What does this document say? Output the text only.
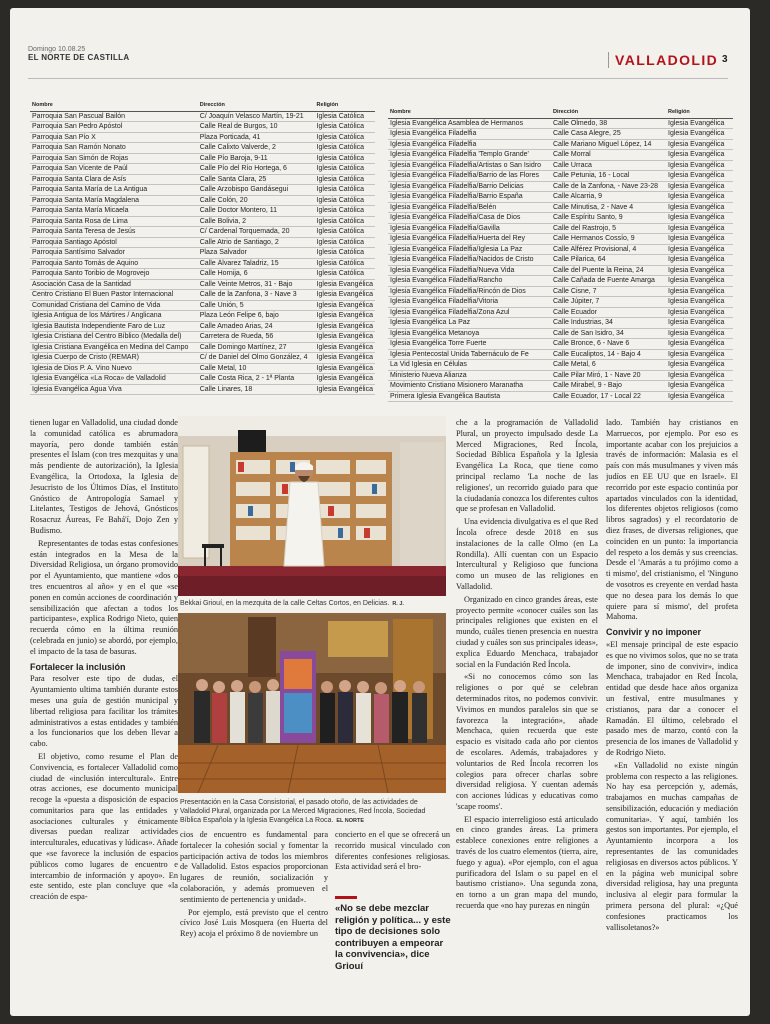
Domingo 10.08.25
EL NORTE DE CASTILLA	VALLADOLID 3
Nombre	Dirección	Religión
Parroquia San Pascual Bailón	C/ Joaquín Velasco Martín, 19-21	Iglesia Católica
Parroquia San Pedro Apóstol	Calle Real de Burgos, 10	Iglesia Católica
Parroquia San Pío X	Plaza Porticada, 41	Iglesia Católica
Parroquia San Ramón Nonato	Calle Calixto Valverde, 2	Iglesia Católica
Parroquia San Simón de Rojas	Calle Pío Baroja, 9-11	Iglesia Católica
Parroquia San Vicente de Paúl	Calle Pío del Río Hortega, 6	Iglesia Católica
Parroquia Santa Clara de Asís	Calle Santa Clara, 25	Iglesia Católica
Parroquia Santa María de La Antigua	Calle Arzobispo Gandásegui	Iglesia Católica
Parroquia Santa María Magdalena	Calle Colón, 20	Iglesia Católica
Parroquia Santa María Micaela	Calle Doctor Montero, 11	Iglesia Católica
Parroquia Santa Rosa de Lima	Calle Bolivia, 2	Iglesia Católica
Parroquia Santa Teresa de Jesús	C/ Cardenal Torquemada, 20	Iglesia Católica
Parroquia Santiago Apóstol	Calle Atrio de Santiago, 2	Iglesia Católica
Parroquia Santísimo Salvador	Plaza Salvador	Iglesia Católica
Parroquia Santo Tomás de Aquino	Calle Álvarez Taladriz, 15	Iglesia Católica
Parroquia Santo Toribio de Mogrovejo	Calle Hornija, 6	Iglesia Católica
Asociación Casa de la Santidad	Calle Veinte Metros, 31 - Bajo	Iglesia Evangélica
Centro Cristiano El Buen Pastor Internacional	Calle de la Zanfona, 3 - Nave 3	Iglesia Evangélica
Comunidad Cristiana del Camino de Vida	Calle Unión, 5	Iglesia Evangélica
Iglesia Antigua de los Mártires / Anglicana	Plaza León Felipe 6, bajo	Iglesia Evangélica
Iglesia Bautista Independiente Faro de Luz	Calle Amadeo Arias, 24	Iglesia Evangélica
Iglesia Cristiana del Centro Bíblico (Medalla del)	Carretera de Rueda, 56	Iglesia Evangélica
Iglesia Cristiana Evangélica en Medina del Campo	Calle Domingo Martínez, 27	Iglesia Evangélica
Iglesia Cuerpo de Cristo (REMAR)	C/ de Daniel del Olmo González, 4	Iglesia Evangélica
Iglesia de Dios P. A. Vino Nuevo	Calle Metal, 10	Iglesia Evangélica
Iglesia Evangélica «La Roca» de Valladolid	Calle Costa Rica, 2 - 1ª Planta	Iglesia Evangélica
Iglesia Evangélica Agua Viva	Calle Linares, 18	Iglesia Evangélica
Nombre	Dirección	Religión
Iglesia Evangélica Asamblea de Hermanos	Calle Olmedo, 38	Iglesia Evangélica
Iglesia Evangélica Filadelfia	Calle Casa Alegre, 25	Iglesia Evangélica
Iglesia Evangélica Filadelfia	Calle Mariano Miguel López, 14	Iglesia Evangélica
Iglesia Evangélica Filadelfia 'Templo Grande'	Calle Morral	Iglesia Evangélica
Iglesia Evangélica Filadelfia/Artistas o San Isidro	Calle Urraca	Iglesia Evangélica
Iglesia Evangélica Filadelfia/Barrio de las Flores	Calle Petunia, 16 - Local	Iglesia Evangélica
Iglesia Evangélica Filadelfia/Barrio Delicias	Calle de la Zanfona, - Nave 23-28	Iglesia Evangélica
Iglesia Evangélica Filadelfia/Barrio España	Calle Alcarria, 9	Iglesia Evangélica
Iglesia Evangélica Filadelfia/Belén	Calle Minutisa, 2 - Nave 4	Iglesia Evangélica
Iglesia Evangélica Filadelfia/Casa de Dios	Calle Espíritu Santo, 9	Iglesia Evangélica
Iglesia Evangélica Filadelfia/Gavilla	Calle del Rastrojo, 5	Iglesia Evangélica
Iglesia Evangélica Filadelfia/Huerta del Rey	Calle Hermanos Cossío, 9	Iglesia Evangélica
Iglesia Evangélica Filadelfia/Iglesia La Paz	Calle Alférez Provisional, 4	Iglesia Evangélica
Iglesia Evangélica Filadelfia/Nacidos de Cristo	Calle Pilarica, 64	Iglesia Evangélica
Iglesia Evangélica Filadelfia/Nueva Vida	Calle del Puente la Reina, 24	Iglesia Evangélica
Iglesia Evangélica Filadelfia/Rancho	Calle Cañada de Fuente Amarga	Iglesia Evangélica
Iglesia Evangélica Filadelfia/Rincón de Dios	Calle Cisne, 7	Iglesia Evangélica
Iglesia Evangélica Filadelfia/Vitoria	Calle Júpiter, 7	Iglesia Evangélica
Iglesia Evangélica Filadelfia/Zona Azul	Calle Ecuador	Iglesia Evangélica
Iglesia Evangélica La Paz	Calle Industrias, 34	Iglesia Evangélica
Iglesia Evangélica Metanoya	Calle de San Isidro, 34	Iglesia Evangélica
Iglesia Evangélica Torre Fuerte	Calle Bronce, 6 - Nave 6	Iglesia Evangélica
Iglesia Pentecostal Unida Tabernáculo de Fe	Calle Eucaliptos, 14 - Bajo 4	Iglesia Evangélica
La Vid Iglesia en Células	Calle Metal, 6	Iglesia Evangélica
Ministerio Nueva Alianza	Calle Pilar Miró, 1 - Nave 20	Iglesia Evangélica
Movimiento Cristiano Misionero Maranatha	Calle Mirabel, 9 - Bajo	Iglesia Evangélica
Primera Iglesia Evangélica Bautista	Calle Ecuador, 17 - Local 22	Iglesia Evangélica

tienen lugar en Valladolid, una ciudad donde la comunidad católica es abrumadora mayoría, pero donde también están presentes el Islam (con tres mezquitas y una más pendiente de autorización), la Iglesia Evangélica, la Ortodoxa, la Iglesia de Jesucristo de los Últimos Días, el Instituto Gnóstico de Antropología Samael y Litelantes, Testigos de Jehová, Gnósticos Rosacruz Áureas, Fe Bahá'í, Dojo Zen y Budismo.

Representantes de todas estas confesiones están integrados en la Mesa de la Diversidad Religiosa, un órgano promovido por el Ayuntamiento, que mantiene «dos o tres encuentros al año» y en el que «se ponen en común acciones de coordinación y sensibilización que afectan a todos los participantes», explica Rodrigo Nieto, quien recuerda cómo en la última reunión (celebrada en junio) se abordó, por ejemplo, el impacto de la tasa de basuras.

Fortalecer la inclusión

Para resolver este tipo de dudas, el Ayuntamiento ultima también durante estos meses una guía de gestión municipal y libertad religiosa para facilitar los trámites administrativos a estas entidades y también a los funcionarios que los deben llevar a cabo.

El objetivo, como resume el Plan de Convivencia, es fortalecer Valladolid como ciudad de «inclusión intercultural». Entre otras acciones, ese documento municipal recoge la «puesta a disposición de espacios comunitarios para que las entidades y asociaciones culturales y étnicamente diversas puedan realizar actividades interculturales, educativas y lúdicas». Añade que «se favorece la inclusión de espacios públicos como lugares de encuentro e intercambio de información y apoyo». En este sentido, este plan concluye que «la creación de espa-

Bekkai Griouí, en la mezquita de la calle Celtas Cortos, en Delicias. R. J.
Presentación en la Casa Consistorial, el pasado otoño, de las actividades de Valladolid Plural, organizada por La Merced Migraciones, Red Íncola, Sociedad Bíblica Española y la Iglesia Evangélica La Roca. EL NORTE

cios de encuentro es fundamental para fortalecer la cohesión social y fomentar la participación activa de todos los miembros de Valladolid. Estos espacios proporcionan lugares de reunión, socialización y colaboración, y además promueven el sentimiento de pertenencia y unidad».

Por ejemplo, está previsto que el centro cívico José Luis Mosquera (en Huerta del Rey) acoja el próximo 8 de noviembre un

concierto en el que se ofrecerá un recorrido musical vinculado con diferentes confesiones religiosas. Esta actividad será el bro-

«No se debe mezclar religión y política... y este tipo de decisiones solo contribuyen a empeorar la convivencia», dice Griouí

che a la programación de Valladolid Plural, un proyecto impulsado desde La Merced Migraciones, Red Íncola, Sociedad Bíblica Española y la Iglesia Evangélica La Roca, que tiene como principal reclamo 'La noche de las religiones', un recorrido guiado para que la ciudadanía conozca los diferentes cultos que se profesan en Valladolid.

Una evidencia divulgativa es el que Red Íncola ofrece desde 2018 en sus instalaciones de la calle Olmo (en La Rondilla). Allí cuentan con un Espacio Intercultural y Religioso que funciona como un museo de las religiones en Valladolid.

Organizado en cinco grandes áreas, este proyecto permite «conocer cuáles son las principales religiones que existen en el mundo, cuáles tienen presencia en nuestra ciudad y cuáles son sus principales ideas», explica Eduardo Menchaca, trabajador social en la Fundación Red Íncola.

«Si no conocemos cómo son las religiones o por qué se celebran determinados ritos, no podemos convivir. Vivimos en mundos paralelos sin que se favorezca la integración», añade Menchaca, quien recuerda que este espacio es visitado cada año por cientos de escolares. Además, trabajadores y voluntarios de Red Íncola recorren los colegios para ofrecer charlas sobre diversidad religiosa. Y cuentan además con acciones lúdicas y educativas como 'scape rooms'.

El espacio interreligioso está articulado en cinco grandes áreas. La primera establece conexiones entre religiones a través de los cuatro elementos (tierra, aire, fuego y agua). «Por ejemplo, con el agua purificadora del Islam o su papel en el bautismo cristiano». Una segunda zona, en torno a un gran mapa del mundo, recuerda que «no hay purezas en ningún

lado. También hay cristianos en Marruecos, por ejemplo. Por eso es importante acabar con los prejuicios a través de información: Malasia es el país con más musulmanes y viven más judíos en EE UU que en Israel». El recorrido por este espacio continúa por apartados vinculados con la identidad, los diferentes objetos religiosos (como libros sagrados) y el recordatorio de diez frases, de diversas religiones, que coinciden en un punto: la importancia del respeto a los demás y sus creencias. Desde el 'Amarás a tu prójimo como a ti mismo', del cristianismo, el 'Ninguno de vosotros es creyente en verdad hasta que no desea para los demás lo que quiere para sí mismo', del profeta Mahoma.

Convivir y no imponer

«El mensaje principal de este espacio es que no vivimos solos, que no se trata de imponer, sino de convivir», indica Menchaca, trabajador en Red Íncola, entidad que desde hace años organiza un festival, entre musulmanes y cristianos, para dar a conocer el Ramadán. El último, celebrado el pasado mes de marzo, contó con la presencia de los imanes de Valladolid y de Rodrigo Nieto.

«En Valladolid no existe ningún problema con respecto a las religiones. No hay esa percepción y, además, trabajamos en muchas campañas de sensibilización, educación y mediación comunitaria». Y aquí, también los gestos son importantes. Por ejemplo, el Ayuntamiento incorpora a los representantes de las comunidades religiosas en diversos actos públicos. Y en la página web municipal sobre diversidad religiosa, hay una pregunta inclusiva al elegir para formular la primera persona del plural: «¿Qué confesiones practicamos los vallisoletanos?»
